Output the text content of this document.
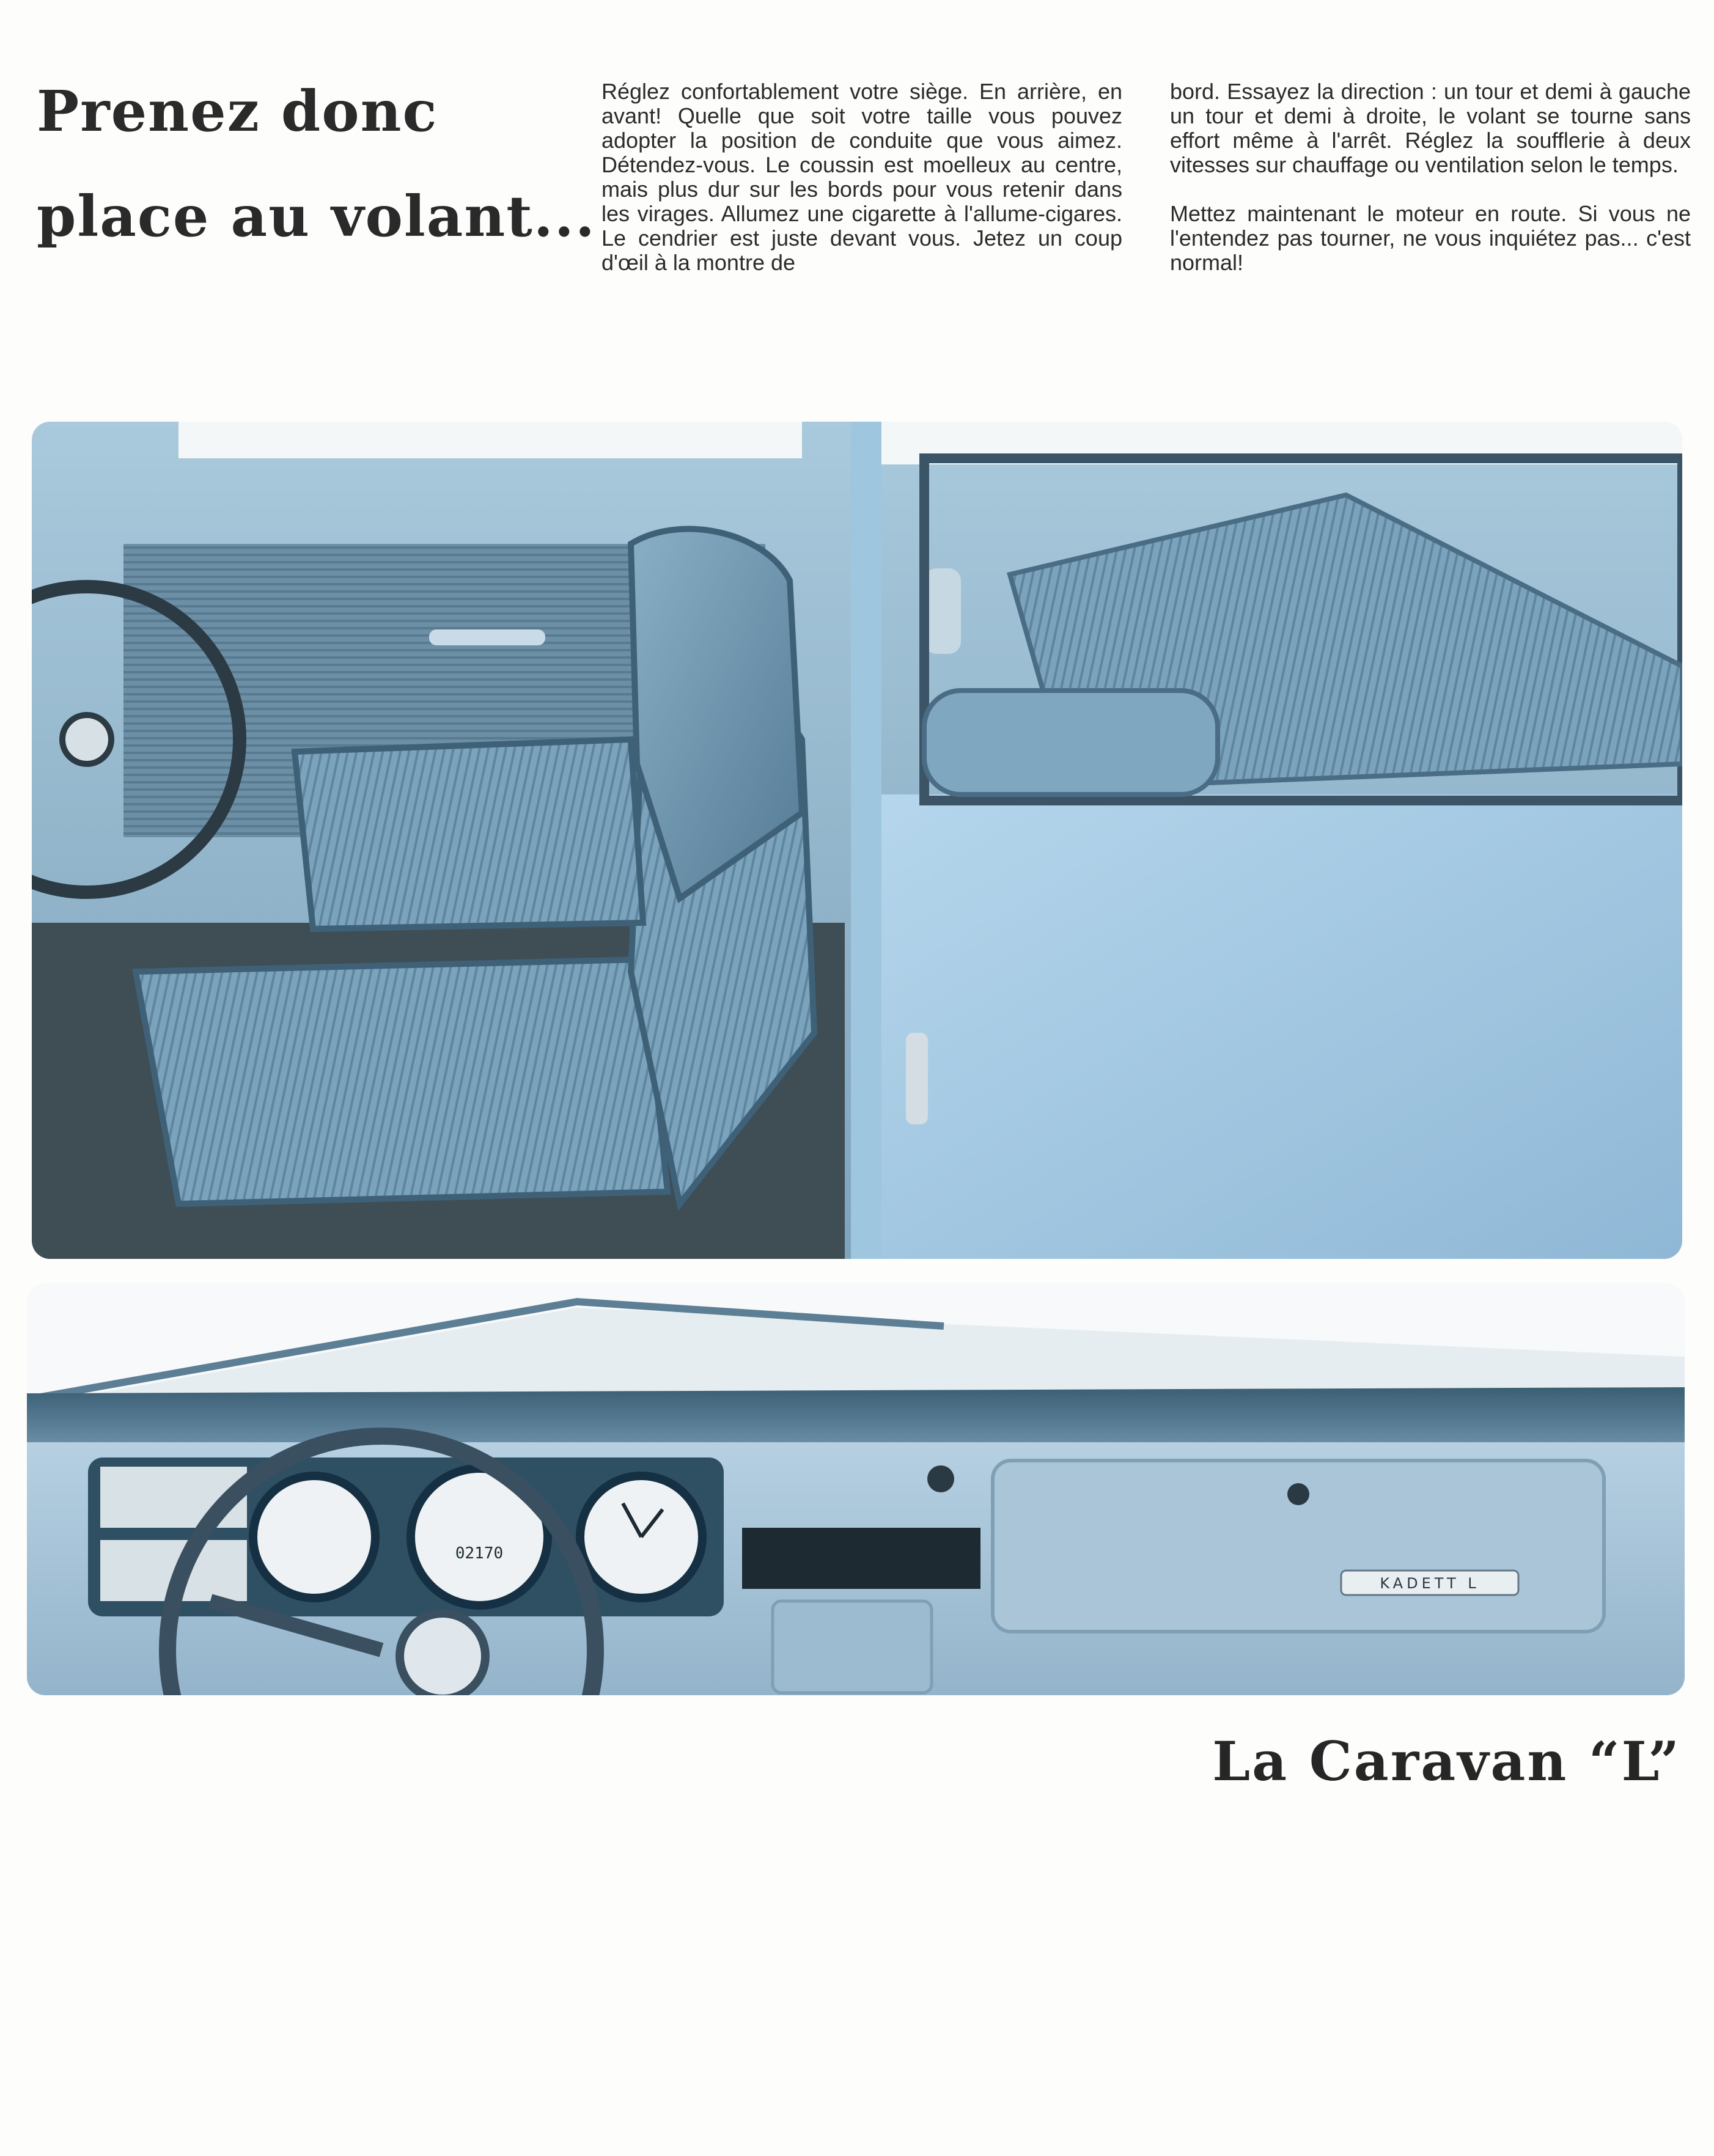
Prenez donc
place au volant...

Réglez confortablement votre siège. En arrière, en avant! Quelle que soit votre taille vous pouvez adopter la position de conduite que vous aimez. Détendez-vous. Le coussin est moelleux au centre, mais plus dur sur les bords pour vous retenir dans les virages. Allumez une cigarette à l'allume-cigares. Le cendrier est juste devant vous. Jetez un coup d'œil à la montre de

bord. Essayez la direction : un tour et demi à gauche un tour et demi à droite, le volant se tourne sans effort même à l'arrêt. Réglez la soufflerie à deux vitesses sur chauffage ou ventilation selon le temps.

Mettez maintenant le moteur en route. Si vous ne l'entendez pas tourner, ne vous inquiétez pas... c'est normal!

02170
KADETT L

La Caravan “L”
